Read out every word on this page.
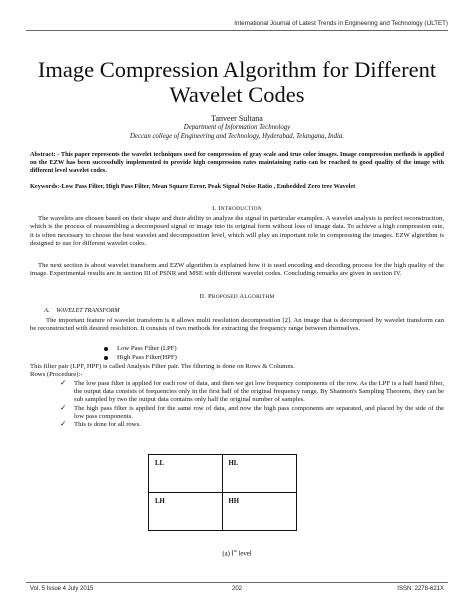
International Journal of Latest Trends in Engineering and Technology (IJLTET)
Image Compression Algorithm for Different
Wavelet Codes
Tanveer Sultana
Department of Information Technology
Deccan college of Engineering and Technology, Hyderabad, Telangana, India.
Abstract: - This paper represents the wavelet techniques used for compression of gray scale and true color images. Image compression methods is applied on the EZW has been successfully implemented to provide high compression rates maintaining ratio can be reached to good quality of the image with different level wavelet codes.
Keywords:-Low Pass Filter, High Pass Filter, Mean Square Error, Peak Signal Noise Ratio , Embedded Zero tree Wavelet
I. INTRODUCTION
The wavelets are chosen based on their shape and their ability to analyze the signal in particular examples. A wavelet analysis is perfect reconstruction, which is the process of reassembling a decomposed signal or image into its original form without loss of image data. To achieve a high compression rate, it is often necessary to choose the best wavelet and decomposition level, which will play an important role in compressing the images. EZW algorithm is designed to use for different wavelet codes.
The next section is about wavelet transform and EZW algorithm is explained how it is used encoding and decoding process for the high quality of the image. Experimental results are in section III of PSNR and MSE with different wavelet codes. Concluding remarks are given in section IV.
II. PROPOSED ALGORITHM
A. WAVELET TRANSFORM
The important feature of wavelet transform is it allows multi resolution decomposition [2]. An image that is decomposed by wavelet transform can be reconstructed with desired resolution. It consists of two methods for extracting the frequency range between themselves.
Low Pass Filter (LPF)
High Pass Filter(HPF)
This filter pair (LPF, HPF) is called Analysis Filter pair. The filtering is done on Rows & Columns.
Rows (Procedure):-
✓ The low pass filter is applied for each row of data, and then we get low frequency components of the row. As the LPF is a half band filter, the output data consists of frequencies only in the first half of the original frequency range. By Shannon's Sampling Theorem, they can be sub sampled by two the output data contains only half the original number of samples.
✓ The high pass filter is applied for the same row of data, and now the high pass components are separated, and placed by the side of the low pass components.
✓ This is done for all rows.
LL	HL
LH	HH
(a) Ist level
Vol. 5 Issue 4 July 2015	202	ISSN: 2278-621X
